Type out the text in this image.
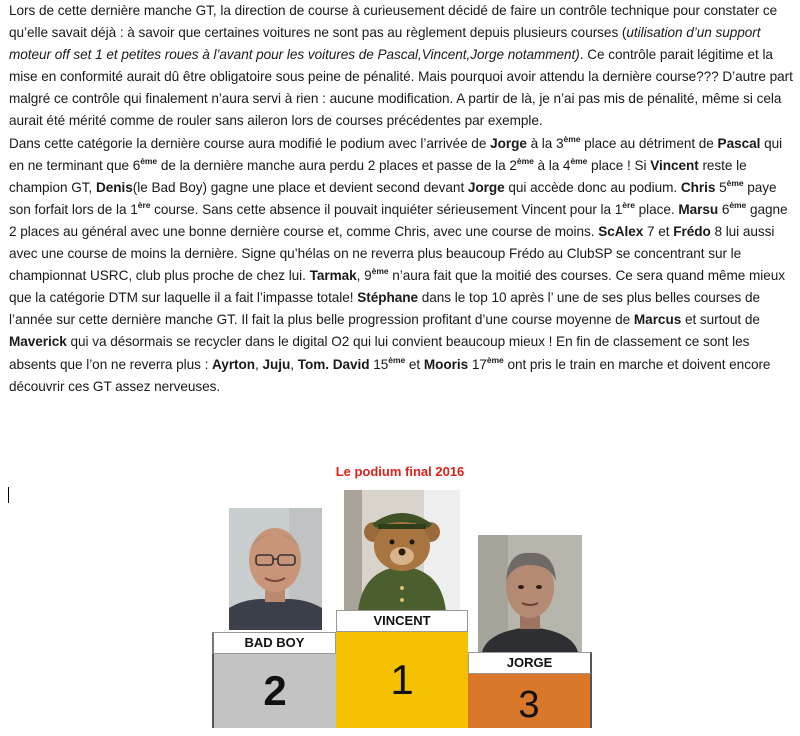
Lors de cette dernière manche GT, la direction de course à curieusement décidé de faire un contrôle technique pour constater ce qu’elle savait déjà : à savoir que certaines voitures ne sont pas au règlement depuis plusieurs courses (utilisation d’un support moteur off set 1 et petites roues à l’avant pour les voitures de Pascal,Vincent,Jorge notamment). Ce contrôle parait légitime et la mise en conformité aurait dû être obligatoire sous peine de pénalité. Mais pourquoi avoir attendu la dernière course??? D’autre part malgré ce contrôle qui finalement n’aura servi à rien : aucune modification. A partir de là, je n’ai pas mis de pénalité, même si cela aurait été mérité comme de rouler sans aileron lors de courses précédentes par exemple.

Dans cette catégorie la dernière course aura modifié le podium avec l’arrivée de Jorge à la 3ème place au détriment de Pascal qui en ne terminant que 6ème de la dernière manche aura perdu 2 places et passe de la 2ème à la 4ème place ! Si Vincent reste le champion GT, Denis(le Bad Boy) gagne une place et devient second devant Jorge qui accède donc au podium. Chris 5ème paye son forfait lors de la 1ère course. Sans cette absence il pouvait inquiéter sérieusement Vincent pour la 1ère place. Marsu 6ème gagne 2 places au général avec une bonne dernière course et, comme Chris, avec une course de moins. ScAlex 7 et Frédo 8 lui aussi avec une course de moins la dernière. Signe qu’hélas on ne reverra plus beaucoup Frédo au ClubSP se concentrant sur le championnat USRC, club plus proche de chez lui. Tarmak, 9ème n’aura fait que la moitié des courses. Ce sera quand même mieux que la catégorie DTM sur laquelle il a fait l’impasse totale! Stéphane dans le top 10 après l’ une de ses plus belles courses de l’année sur cette dernière manche GT. Il fait la plus belle progression profitant d’une course moyenne de Marcus et surtout de Maverick qui va désormais se recycler dans le digital O2 qui lui convient beaucoup mieux ! En fin de classement ce sont les absents que l’on ne reverra plus : Ayrton, Juju, Tom. David 15ème et Mooris 17ème ont pris le train en marche et doivent encore découvrir ces GT assez nerveuses.

Le podium final 2016
BAD BOY
2
VINCENT
1	JORGE
3
